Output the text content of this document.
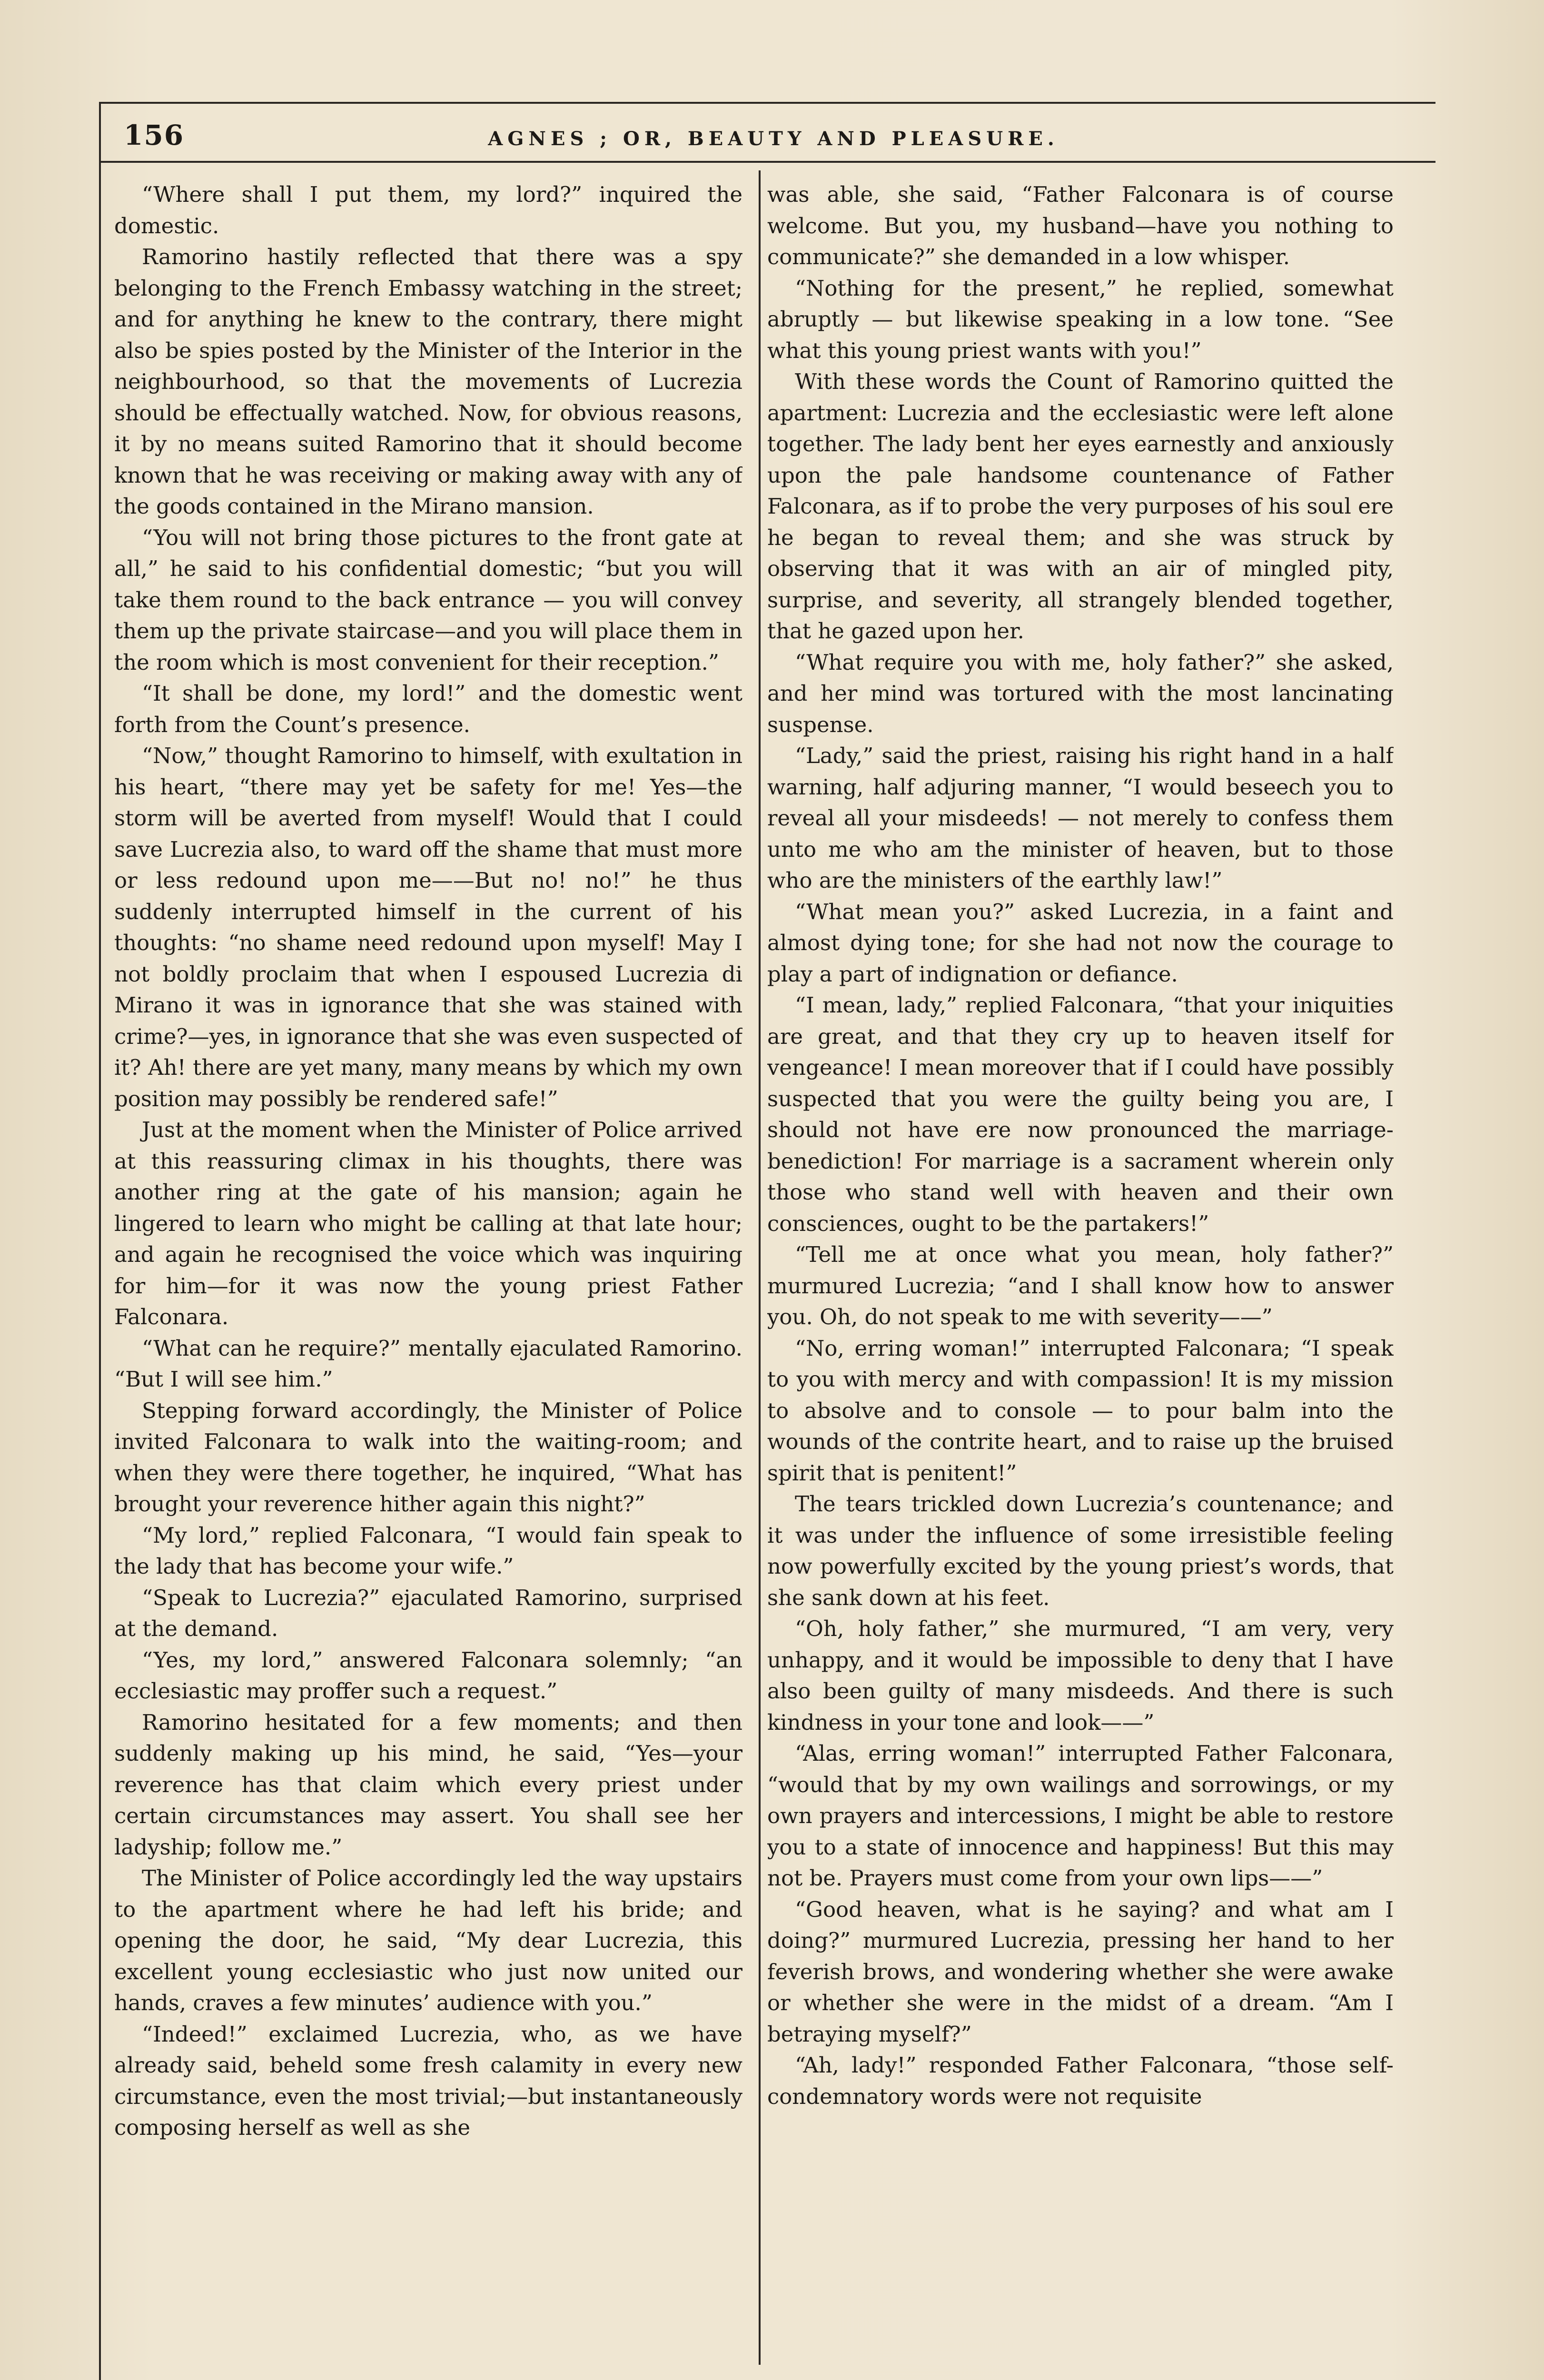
156	AGNES ; OR, BEAUTY AND PLEASURE.

“Where shall I put them, my lord?” inquired the domestic.

Ramorino hastily reflected that there was a spy belonging to the French Embassy watching in the street; and for anything he knew to the contrary, there might also be spies posted by the Minister of the Interior in the neighbourhood, so that the movements of Lucrezia should be effectually watched. Now, for obvious reasons, it by no means suited Ramorino that it should become known that he was receiving or making away with any of the goods contained in the Mirano mansion.

“You will not bring those pictures to the front gate at all,” he said to his confidential domestic; “but you will take them round to the back entrance — you will convey them up the private staircase—and you will place them in the room which is most convenient for their reception.”

“It shall be done, my lord!” and the domestic went forth from the Count’s presence.

“Now,” thought Ramorino to himself, with exultation in his heart, “there may yet be safety for me! Yes—the storm will be averted from myself! Would that I could save Lucrezia also, to ward off the shame that must more or less redound upon me——But no! no!” he thus suddenly interrupted himself in the current of his thoughts: “no shame need redound upon myself! May I not boldly proclaim that when I espoused Lucrezia di Mirano it was in ignorance that she was stained with crime?—yes, in ignorance that she was even suspected of it? Ah! there are yet many, many means by which my own position may possibly be rendered safe!”

Just at the moment when the Minister of Police arrived at this reassuring climax in his thoughts, there was another ring at the gate of his mansion; again he lingered to learn who might be calling at that late hour; and again he recognised the voice which was inquiring for him—for it was now the young priest Father Falconara.

“What can he require?” mentally ejaculated Ramorino. “But I will see him.”

Stepping forward accordingly, the Minister of Police invited Falconara to walk into the waiting-room; and when they were there together, he inquired, “What has brought your reverence hither again this night?”

“My lord,” replied Falconara, “I would fain speak to the lady that has become your wife.”

“Speak to Lucrezia?” ejaculated Ramorino, surprised at the demand.

“Yes, my lord,” answered Falconara solemnly; “an ecclesiastic may proffer such a request.”

Ramorino hesitated for a few moments; and then suddenly making up his mind, he said, “Yes—your reverence has that claim which every priest under certain circumstances may assert. You shall see her ladyship; follow me.”

The Minister of Police accordingly led the way upstairs to the apartment where he had left his bride; and opening the door, he said, “My dear Lucrezia, this excellent young ecclesiastic who just now united our hands, craves a few minutes’ audience with you.”

“Indeed!” exclaimed Lucrezia, who, as we have already said, beheld some fresh calamity in every new circumstance, even the most trivial;—but instantaneously composing herself as well as she

was able, she said, “Father Falconara is of course welcome. But you, my husband—have you nothing to communicate?” she demanded in a low whisper.

“Nothing for the present,” he replied, somewhat abruptly — but likewise speaking in a low tone. “See what this young priest wants with you!”

With these words the Count of Ramorino quitted the apartment: Lucrezia and the ecclesiastic were left alone together. The lady bent her eyes earnestly and anxiously upon the pale handsome countenance of Father Falconara, as if to probe the very purposes of his soul ere he began to reveal them; and she was struck by observing that it was with an air of mingled pity, surprise, and severity, all strangely blended together, that he gazed upon her.

“What require you with me, holy father?” she asked, and her mind was tortured with the most lancinating suspense.

“Lady,” said the priest, raising his right hand in a half warning, half adjuring manner, “I would beseech you to reveal all your misdeeds! — not merely to confess them unto me who am the minister of heaven, but to those who are the ministers of the earthly law!”

“What mean you?” asked Lucrezia, in a faint and almost dying tone; for she had not now the courage to play a part of indignation or defiance.

“I mean, lady,” replied Falconara, “that your iniquities are great, and that they cry up to heaven itself for vengeance! I mean moreover that if I could have possibly suspected that you were the guilty being you are, I should not have ere now pronounced the marriage-benediction! For marriage is a sacrament wherein only those who stand well with heaven and their own consciences, ought to be the partakers!”

“Tell me at once what you mean, holy father?” murmured Lucrezia; “and I shall know how to answer you. Oh, do not speak to me with severity——”

“No, erring woman!” interrupted Falconara; “I speak to you with mercy and with compassion! It is my mission to absolve and to console — to pour balm into the wounds of the contrite heart, and to raise up the bruised spirit that is penitent!”

The tears trickled down Lucrezia’s countenance; and it was under the influence of some irresistible feeling now powerfully excited by the young priest’s words, that she sank down at his feet.

“Oh, holy father,” she murmured, “I am very, very unhappy, and it would be impossible to deny that I have also been guilty of many misdeeds. And there is such kindness in your tone and look——”

“Alas, erring woman!” interrupted Father Falconara, “would that by my own wailings and sorrowings, or my own prayers and intercessions, I might be able to restore you to a state of innocence and happiness! But this may not be. Prayers must come from your own lips——”

“Good heaven, what is he saying? and what am I doing?” murmured Lucrezia, pressing her hand to her feverish brows, and wondering whether she were awake or whether she were in the midst of a dream. “Am I betraying myself?”

“Ah, lady!” responded Father Falconara, “those self-condemnatory words were not requisite
